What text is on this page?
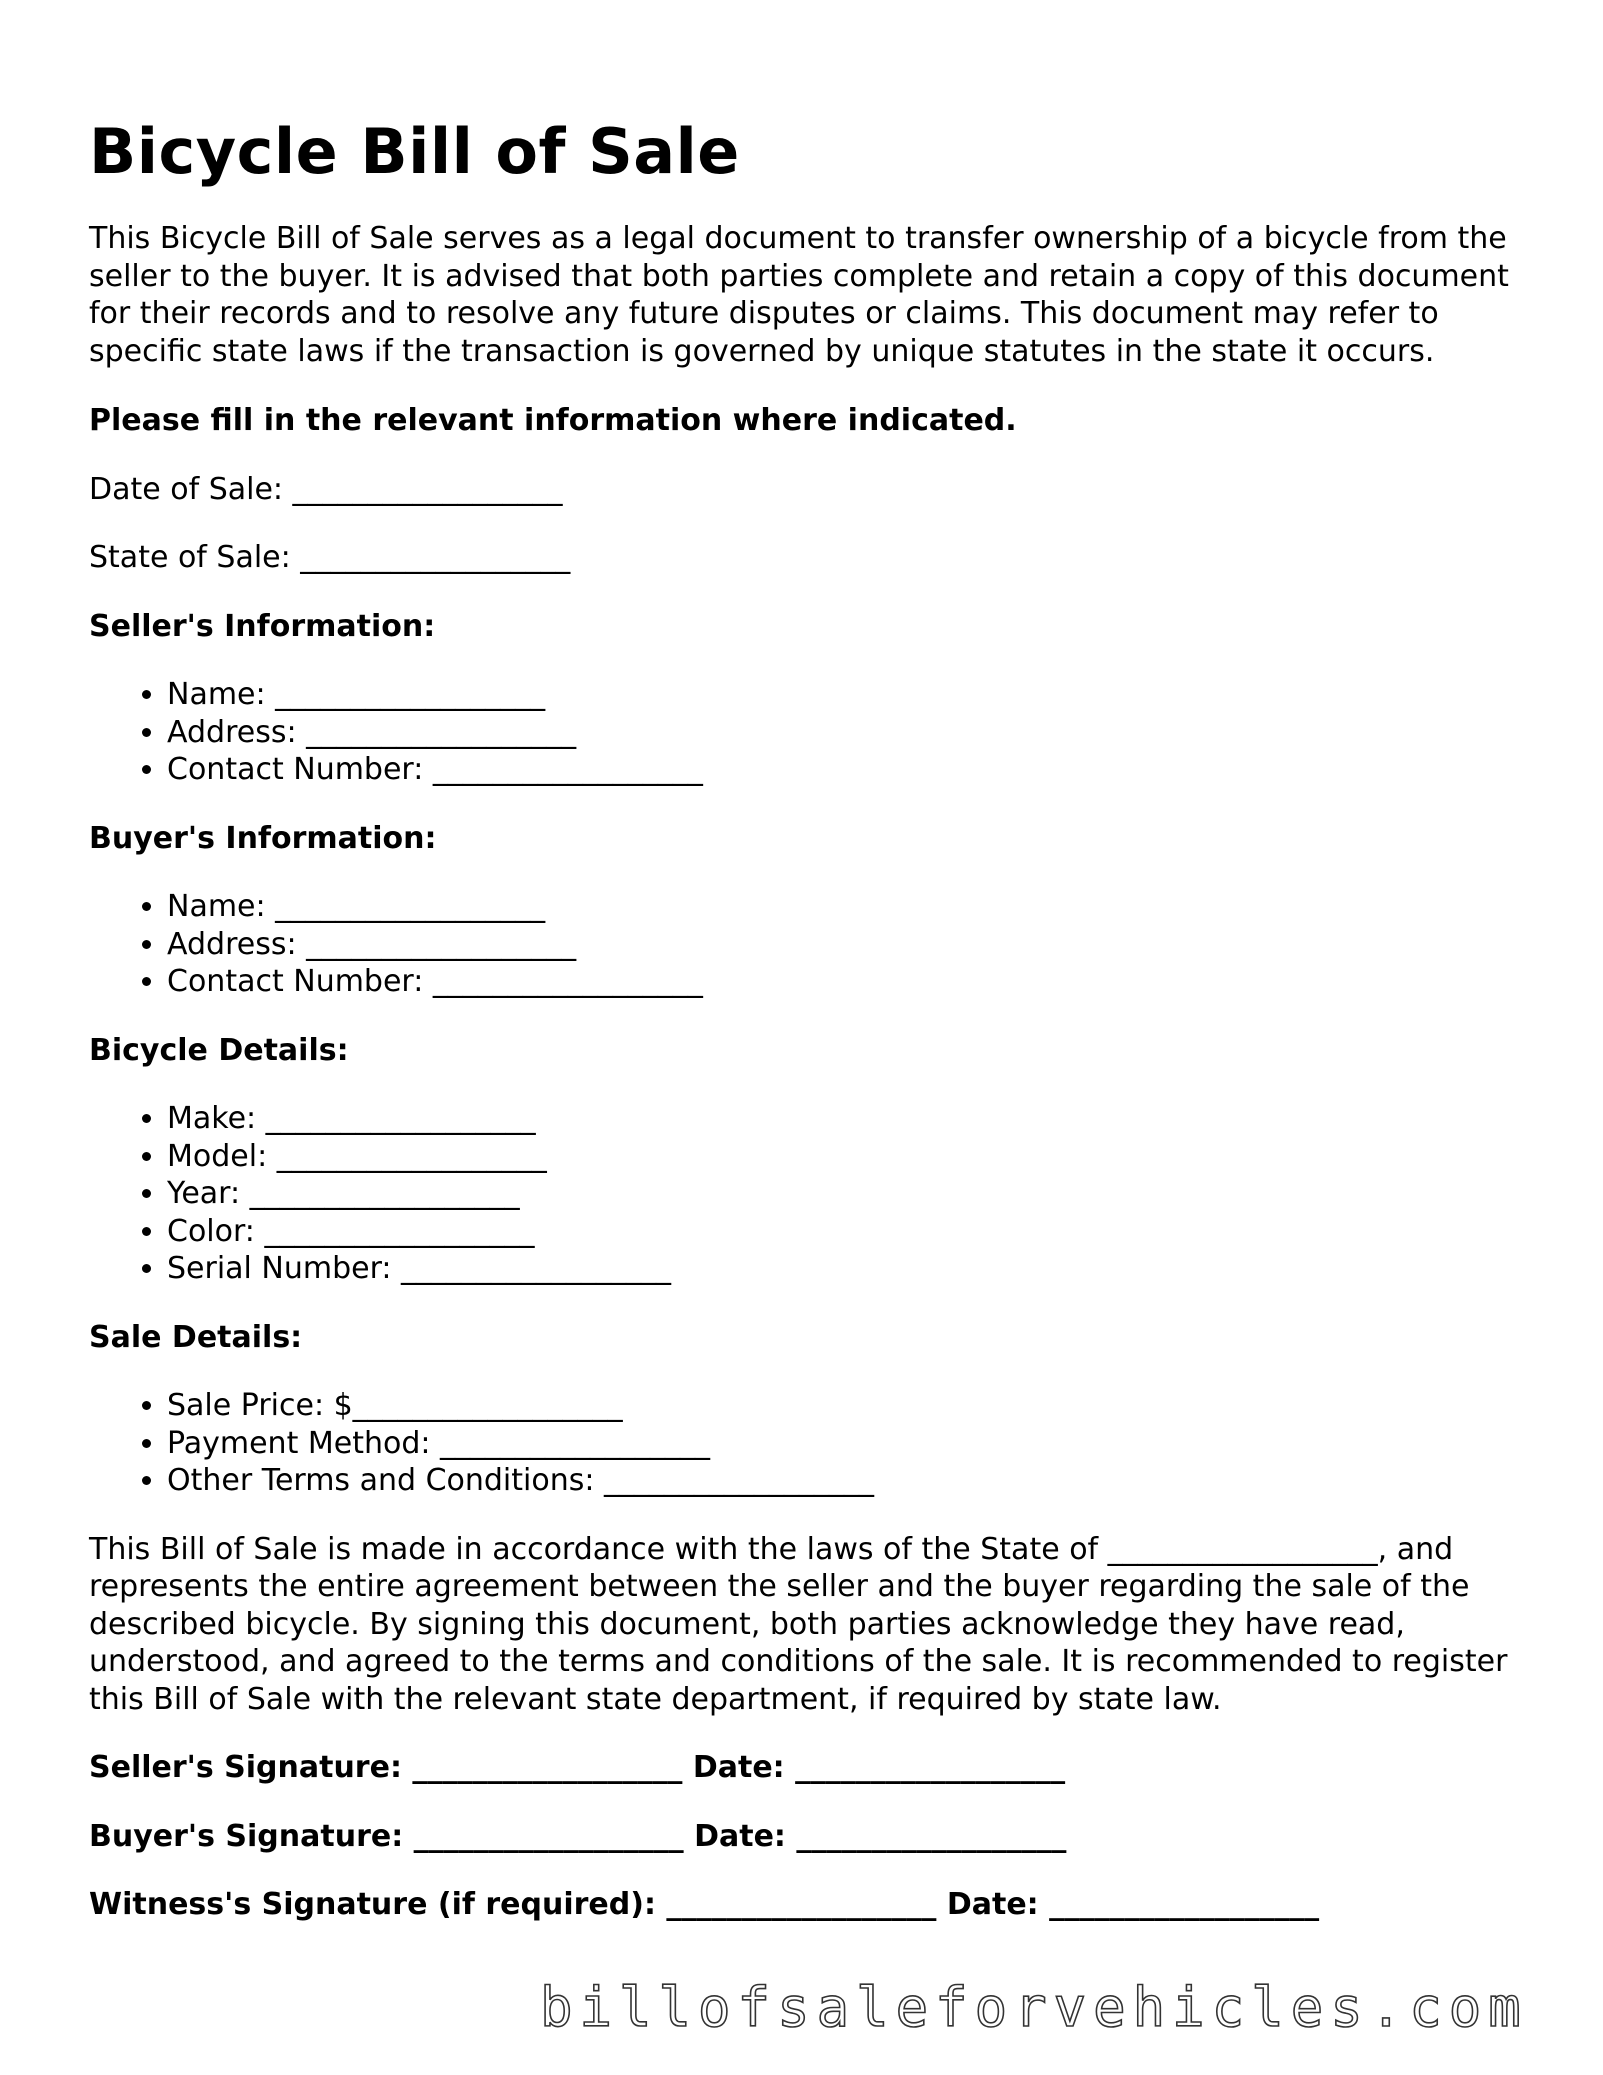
Bicycle Bill of Sale

This Bicycle Bill of Sale serves as a legal document to transfer ownership of a bicycle from the seller to the buyer. It is advised that both parties complete and retain a copy of this document for their records and to resolve any future disputes or claims. This document may refer to specific state laws if the transaction is governed by unique statutes in the state it occurs.

Please fill in the relevant information where indicated.

Date of Sale: __________________

State of Sale: __________________

Seller's Information:

• Name: __________________
• Address: __________________
• Contact Number: __________________

Buyer's Information:

• Name: __________________
• Address: __________________
• Contact Number: __________________

Bicycle Details:

• Make: __________________
• Model: __________________
• Year: __________________
• Color: __________________
• Serial Number: __________________

Sale Details:

• Sale Price: $__________________
• Payment Method: __________________
• Other Terms and Conditions: __________________

This Bill of Sale is made in accordance with the laws of the State of __________________, and represents the entire agreement between the seller and the buyer regarding the sale of the described bicycle. By signing this document, both parties acknowledge they have read, understood, and agreed to the terms and conditions of the sale. It is recommended to register this Bill of Sale with the relevant state department, if required by state law.

Seller's Signature: __________________ Date: __________________

Buyer's Signature: __________________ Date: __________________

Witness's Signature (if required): __________________ Date: __________________

billofsaleforvehicles.com
